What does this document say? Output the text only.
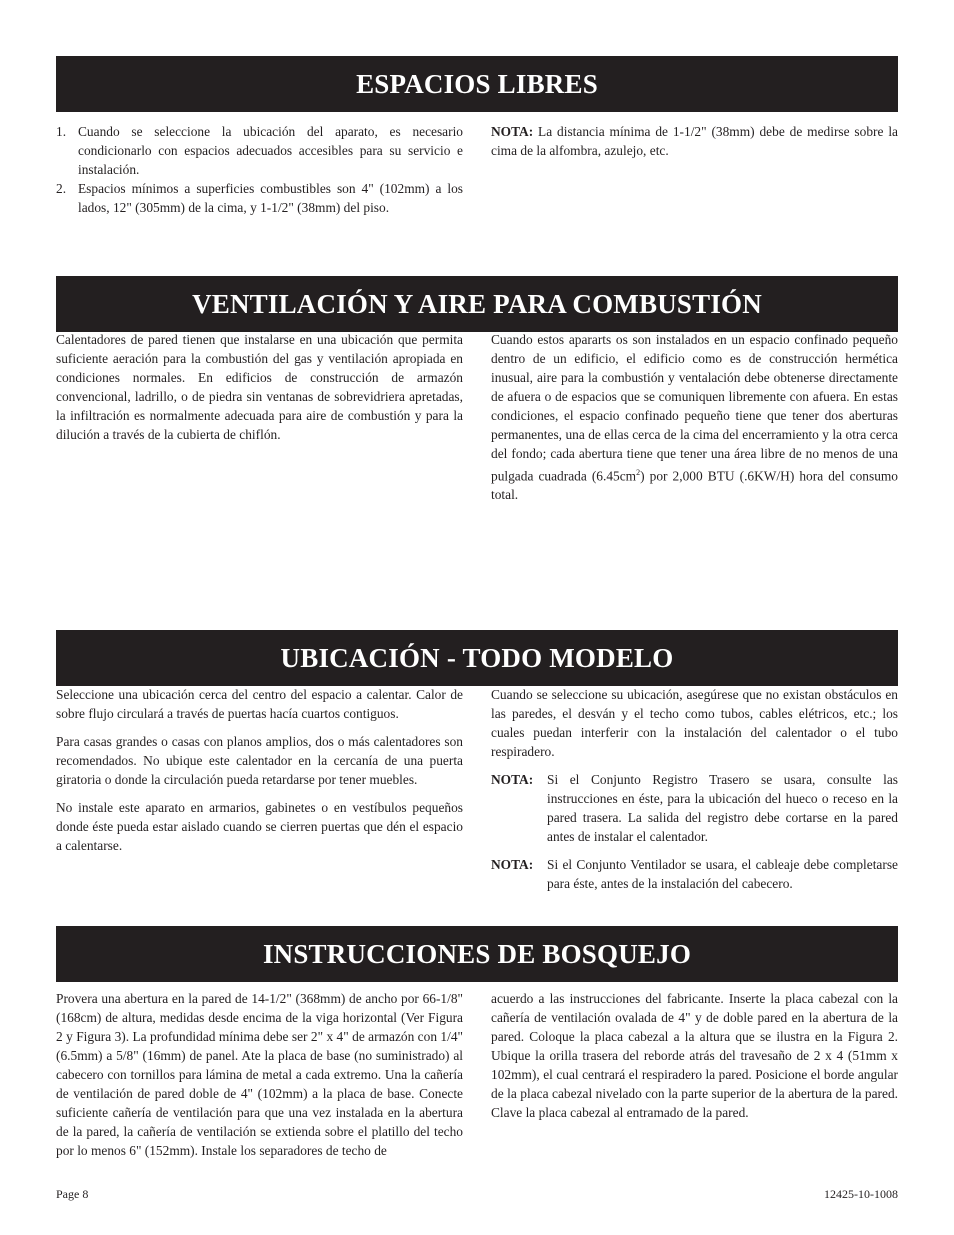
ESPACIOS LIBRES
1. Cuando se seleccione la ubicación del aparato, es necesario condicionarlo con espacios adecuados accesibles para su servicio e instalación.
2. Espacios mínimos a superficies combustibles son 4" (102mm) a los lados, 12" (305mm) de la cima, y 1-1/2" (38mm) del piso.

NOTA: La distancia mínima de 1-1/2" (38mm) debe de medirse sobre la cima de la alfombra, azulejo, etc.

VENTILACIÓN Y AIRE PARA COMBUSTIÓN

Calentadores de pared tienen que instalarse en una ubicación que permita suficiente aeración para la combustión del gas y ventilación apropiada en condiciones normales. En edificios de construcción de armazón convencional, ladrillo, o de piedra sin ventanas de sobrevidriera apretadas, la infiltración es normalmente adecuada para aire de combustión y para la dilución a través de la cubierta de chiflón.

Cuando estos apararts os son instalados en un espacio confinado pequeño dentro de un edificio, el edificio como es de construcción hermética inusual, aire para la combustión y ventalación debe obtenerse directamente de afuera o de espacios que se comuniquen libremente con afuera. En estas condiciones, el espacio confinado pequeño tiene que tener dos aberturas permanentes, una de ellas cerca de la cima del encerramiento y la otra cerca del fondo; cada abertura tiene que tener una área libre de no menos de una pulgada cuadrada $(6.45cm^2)$ por 2,000 BTU (.6KW/H) hora del consumo total.

UBICACIÓN - TODO MODELO

Seleccione una ubicación cerca del centro del espacio a calentar. Calor de sobre flujo circulará a través de puertas hacía cuartos contiguos.

Para casas grandes o casas con planos amplios, dos o más calentadores son recomendados. No ubique este calentador en la cercanía de una puerta giratoria o donde la circulación pueda retardarse por tener muebles.

No instale este aparato en armarios, gabinetes o en vestíbulos pequeños donde éste pueda estar aislado cuando se cierren puertas que dén el espacio a calentarse.

Cuando se seleccione su ubicación, asegúrese que no existan obstáculos en las paredes, el desván y el techo como tubos, cables elétricos, etc.; los cuales puedan interferir con la instalación del calentador o el tubo respiradero.

NOTA:	Si el Conjunto Registro Trasero se usara, consulte las instrucciones en éste, para la ubicación del hueco o receso en la pared trasera. La salida del registro debe cortarse en la pared antes de instalar el calentador.
NOTA:	Si el Conjunto Ventilador se usara, el cableaje debe completarse para éste, antes de la instalación del cabecero.
INSTRUCCIONES DE BOSQUEJO

Provera una abertura en la pared de 14-1/2" (368mm) de ancho por 66-1/8" (168cm) de altura, medidas desde encima de la viga horizontal (Ver Figura 2 y Figura 3). La profundidad mínima debe ser 2" x 4" de armazón con 1/4" (6.5mm) a 5/8" (16mm) de panel. Ate la placa de base (no suministrado) al cabecero con tornillos para lámina de metal a cada extremo. Una la cañería de ventilación de pared doble de 4" (102mm) a la placa de base. Conecte suficiente cañería de ventilación para que una vez instalada en la abertura de la pared, la cañería de ventilación se extienda sobre el platillo del techo por lo menos 6" (152mm). Instale los separadores de techo de

acuerdo a las instrucciones del fabricante. Inserte la placa cabezal con la cañería de ventilación ovalada de 4" y de doble pared en la abertura de la pared. Coloque la placa cabezal a la altura que se ilustra en la Figura 2. Ubique la orilla trasera del reborde atrás del travesaño de 2 x 4 (51mm x 102mm), el cual centrará el respiradero la pared. Posicione el borde angular de la placa cabezal nivelado con la parte superior de la abertura de la pared. Clave la placa cabezal al entramado de la pared.

Page 8	12425-10-1008
